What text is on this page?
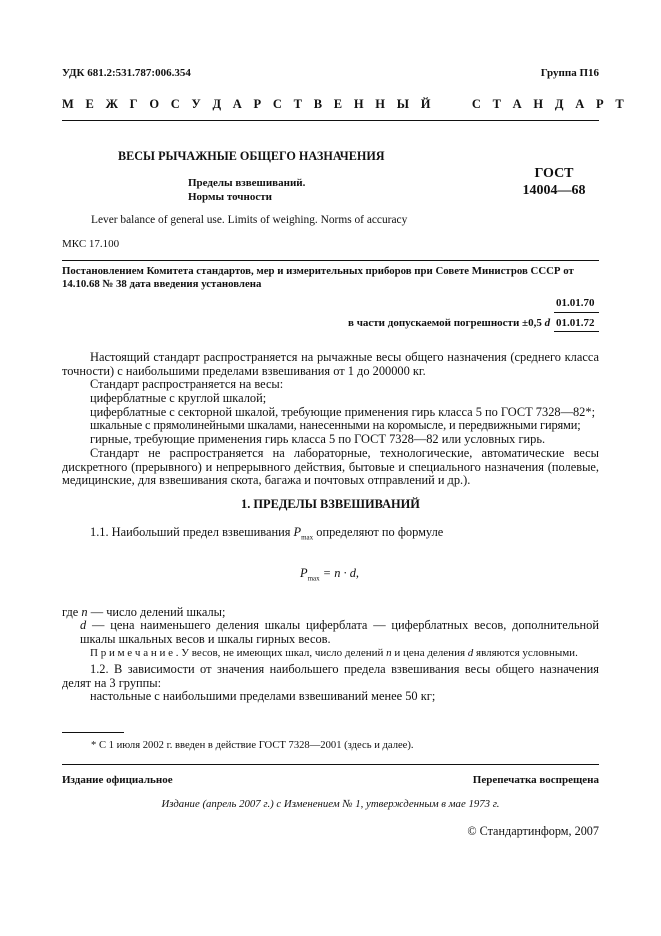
УДК 681.2:531.787:006.354	Группа П16
М Е Ж Г О С У Д А Р С Т В Е Н Н Ы Й     С Т А Н Д А Р Т
ВЕСЫ РЫЧАЖНЫЕ ОБЩЕГО НАЗНАЧЕНИЯ
Пределы взвешиваний.
Нормы точности
ГОСТ
14004—68
Lever balance of general use. Limits of weighing. Norms of accuracy
МКС 17.100
Постановлением Комитета стандартов, мер и измерительных приборов при Совете Министров СССР от 14.10.68 № 38 дата введения установлена
01.01.70
в части допускаемой погрешности ±0,5 d 01.01.72
Настоящий стандарт распространяется на рычажные весы общего назначения (среднего класса точности) с наибольшими пределами взвешивания от 1 до 200000 кг.
Стандарт распространяется на весы:
циферблатные с круглой шкалой;
циферблатные с секторной шкалой, требующие применения гирь класса 5 по ГОСТ 7328—82*;
шкальные с прямолинейными шкалами, нанесенными на коромысле, и передвижными гирями;
гирные, требующие применения гирь класса 5 по ГОСТ 7328—82 или условных гирь.
Стандарт не распространяется на лабораторные, технологические, автоматические весы дискретного (прерывного) и непрерывного действия, бытовые и специального назначения (полевые, медицинские, для взвешивания скота, багажа и почтовых отправлений и др.).
1. ПРЕДЕЛЫ ВЗВЕШИВАНИЙ
1.1. Наибольший предел взвешивания $P_{max}$ определяют по формуле
$P_{max} = n \cdot d$,
где n — число делений шкалы;
d — цена наименьшего деления шкалы циферблата — циферблатных весов, дополнительной шкалы шкальных весов и шкалы гирных весов.
П р и м е ч а н и е . У весов, не имеющих шкал, число делений n и цена деления d являются условными.
1.2. В зависимости от значения наибольшего предела взвешивания весы общего назначения делят на 3 группы:
настольные с наибольшими пределами взвешиваний менее 50 кг;
* С 1 июля 2002 г. введен в действие ГОСТ 7328—2001 (здесь и далее).
Издание официальное	Перепечатка воспрещена
Издание (апрель 2007 г.) с Изменением № 1, утвержденным в мае 1973 г.
© Стандартинформ, 2007
